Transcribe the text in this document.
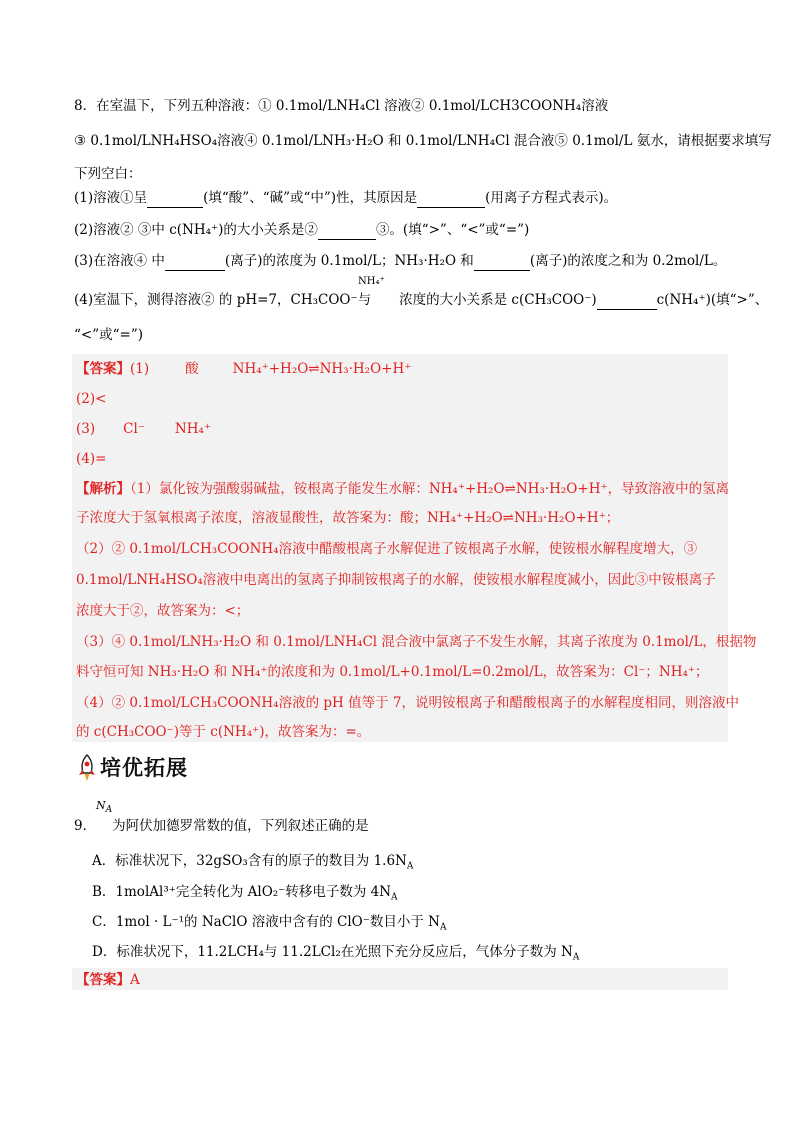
8．在室温下，下列五种溶液：① 0.1mol/LNH₄Cl 溶液② 0.1mol/LCH3COONH₄溶液
③ 0.1mol/LNH₄HSO₄溶液④ 0.1mol/LNH₃·H₂O 和 0.1mol/LNH₄Cl 混合液⑤ 0.1mol/L 氨水，请根据要求填写
下列空白：
(1)溶液①呈	(填“酸”、“碱”或“中”)性，其原因是	(用离子方程式表示)。
(2)溶液② ③中 c(NH₄⁺)的大小关系是②	③。(填“>”、“<”或“=”)
(3)在溶液④ 中	(离子)的浓度为 0.1mol/L；NH₃·H₂O 和	(离子)的浓度之和为 0.2mol/L。
NH₄⁺
(4)室温下，测得溶液② 的 pH=7，CH₃COO⁻与 浓度的大小关系是 c(CH₃COO⁻)	c(NH₄⁺)(填“>”、
“<”或“=”)
【答案】(1)	酸	NH₄⁺+H₂O⇌NH₃·H₂O+H⁺
(2)<
(3) Cl⁻ NH₄⁺
(4)=
【解析】（1）氯化铵为强酸弱碱盐，铵根离子能发生水解：NH₄⁺+H₂O⇌NH₃·H₂O+H⁺，导致溶液中的氢离
子浓度大于氢氧根离子浓度，溶液显酸性，故答案为：酸；NH₄⁺+H₂O⇌NH₃·H₂O+H⁺；
（2）② 0.1mol/LCH₃COONH₄溶液中醋酸根离子水解促进了铵根离子水解，使铵根水解程度增大，③
0.1mol/LNH₄HSO₄溶液中电离出的氢离子抑制铵根离子的水解，使铵根水解程度减小，因此③中铵根离子
浓度大于②，故答案为：<；
（3）④ 0.1mol/LNH₃·H₂O 和 0.1mol/LNH₄Cl 混合液中氯离子不发生水解，其离子浓度为 0.1mol/L，根据物
料守恒可知 NH₃·H₂O 和 NH₄⁺的浓度和为 0.1mol/L+0.1mol/L=0.2mol/L，故答案为：Cl⁻；NH₄⁺；
（4）② 0.1mol/LCH₃COONH₄溶液的 pH 值等于 7，说明铵根离子和醋酸根离子的水解程度相同，则溶液中
的 c(CH₃COO⁻)等于 c(NH₄⁺)，故答案为：=。
培优拓展
$N_A$
9． 为阿伏加德罗常数的值，下列叙述正确的是
A．标准状况下，32gSO₃含有的原子的数目为 $1.6N_A$
B．1molAl³⁺完全转化为 AlO₂⁻转移电子数为 $4N_A$
C．1mol · L⁻¹的 NaClO 溶液中含有的 ClO⁻数目小于 $N_A$
D．标准状况下，11.2LCH₄与 11.2LCl₂在光照下充分反应后，气体分子数为 $N_A$
【答案】A
